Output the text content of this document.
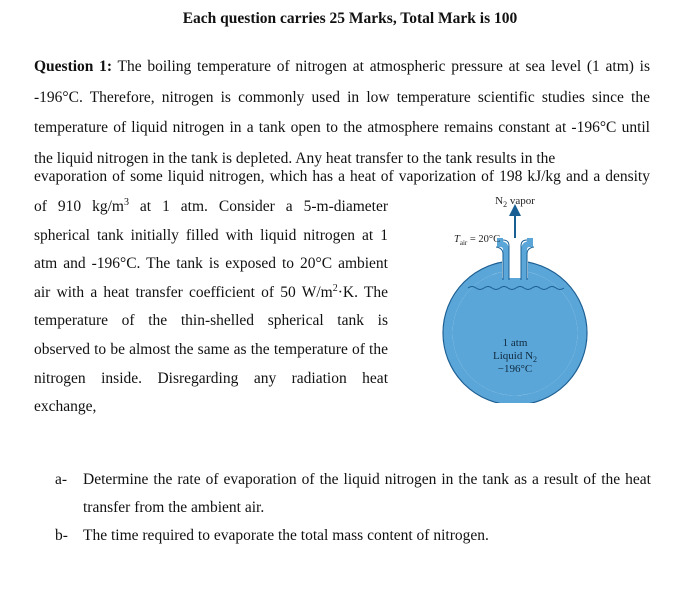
Each question carries 25 Marks, Total Mark is 100
Question 1: The boiling temperature of nitrogen at atmospheric pressure at sea level (1 atm) is -196°C. Therefore, nitrogen is commonly used in low temperature scientific studies since the temperature of liquid nitrogen in a tank open to the atmosphere remains constant at -196°C until the liquid nitrogen in the tank is depleted. Any heat transfer to the tank results in the
evaporation of some liquid nitrogen, which has a heat of vaporization of 198 kJ/kg and a density
of 910 $kg/m^3$ at 1 atm. Consider a 5-m-diameter spherical tank initially filled with liquid nitrogen at 1 atm and -196°C. The tank is exposed to 20°C ambient air with a heat transfer coefficient of 50 $W/m^2\cdot K$. The temperature of the thin-shelled spherical tank is observed to be almost the same as the temperature of the nitrogen inside. Disregarding any radiation heat exchange,
$N_2$ vapor
$T_{air} = 20^\circ C$
1 atm
Liquid $N_2$
−196°C
a-	Determine the rate of evaporation of the liquid nitrogen in the tank as a result of the heat transfer from the ambient air.
b- The time required to evaporate the total mass content of nitrogen.
